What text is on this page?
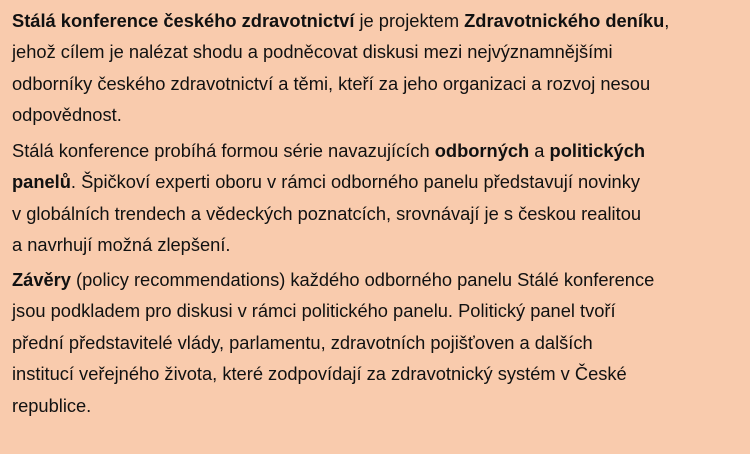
Stálá konference českého zdravotnictví je projektem Zdravotnického deníku,
jehož cílem je nalézat shodu a podněcovat diskusi mezi nejvýznamnějšími
odborníky českého zdravotnictví a těmi, kteří za jeho organizaci a rozvoj nesou
odpovědnost.
Stálá konference probíhá formou série navazujících odborných a politických
panelů. Špičkoví experti oboru v rámci odborného panelu představují novinky
v globálních trendech a vědeckých poznatcích, srovnávají je s českou realitou
a navrhují možná zlepšení.
Závěry (policy recommendations) každého odborného panelu Stálé konference
jsou podkladem pro diskusi v rámci politického panelu. Politický panel tvoří
přední představitelé vlády, parlamentu, zdravotních pojišťoven a dalších
institucí veřejného života, které zodpovídají za zdravotnický systém v České
republice.
